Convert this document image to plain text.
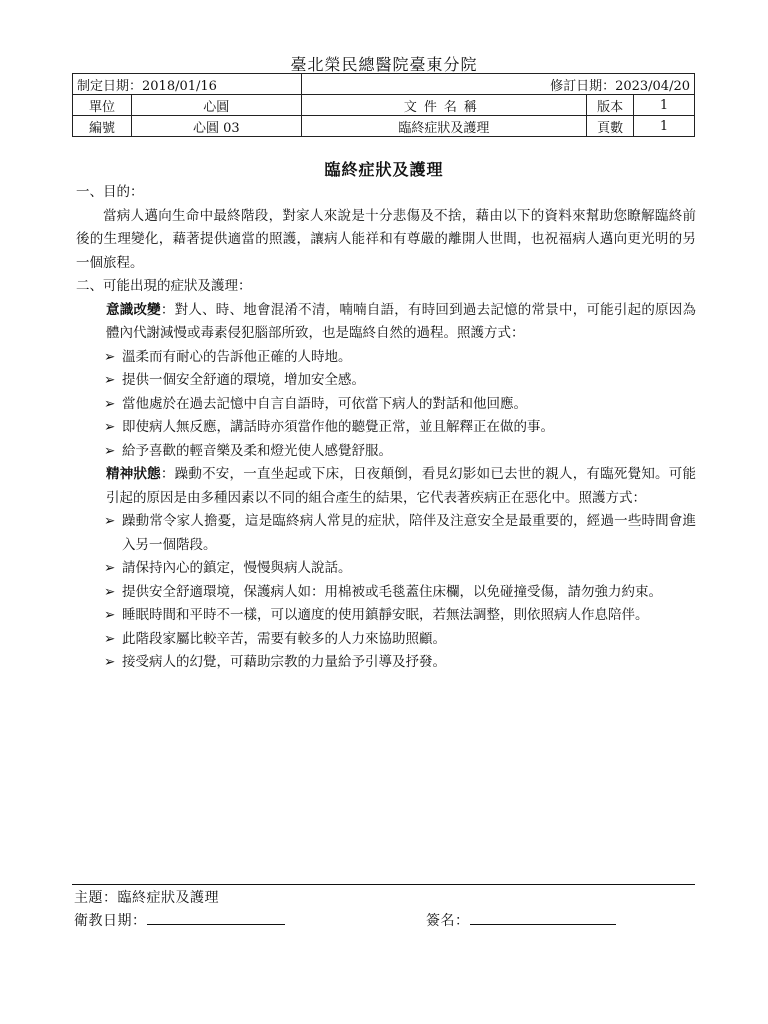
臺北榮民總醫院臺東分院
制定日期：2018/01/16		修訂日期：2023/04/20		
單位	心圓	文件名稱	版本	1
編號	心圓 03	臨終症狀及護理	頁數	1
臨終症狀及護理

一、目的：

當病人邁向生命中最終階段，對家人來說是十分悲傷及不捨，藉由以下的資料來幫助您瞭解臨終前後的生理變化，藉著提供適當的照護，讓病人能祥和有尊嚴的離開人世間，也祝福病人邁向更光明的另一個旅程。

二、可能出現的症狀及護理：

意識改變：對人、時、地會混淆不清，喃喃自語，有時回到過去記憶的常景中，可能引起的原因為體內代謝減慢或毒素侵犯腦部所致，也是臨終自然的過程。照護方式：

➢ 溫柔而有耐心的告訴他正確的人時地。
➢ 提供一個安全舒適的環境，增加安全感。
➢ 當他處於在過去記憶中自言自語時，可依當下病人的對話和他回應。
➢ 即使病人無反應，講話時亦須當作他的聽覺正常，並且解釋正在做的事。
➢ 給予喜歡的輕音樂及柔和燈光使人感覺舒服。

精神狀態：躁動不安，一直坐起或下床，日夜顛倒，看見幻影如已去世的親人，有臨死覺知。可能引起的原因是由多種因素以不同的組合產生的結果，它代表著疾病正在惡化中。照護方式：

➢ 躁動常令家人擔憂，這是臨終病人常見的症狀，陪伴及注意安全是最重要的，經過一些時間會進入另一個階段。
➢ 請保持內心的鎮定，慢慢與病人說話。
➢ 提供安全舒適環境，保護病人如：用棉被或毛毯蓋住床欄，以免碰撞受傷，請勿強力約束。
➢ 睡眠時間和平時不一樣，可以適度的使用鎮靜安眠，若無法調整，則依照病人作息陪伴。
➢ 此階段家屬比較辛苦，需要有較多的人力來協助照顧。
➢ 接受病人的幻覺，可藉助宗教的力量給予引導及抒發。
主題：臨終症狀及護理
衛教日期：	簽名：
